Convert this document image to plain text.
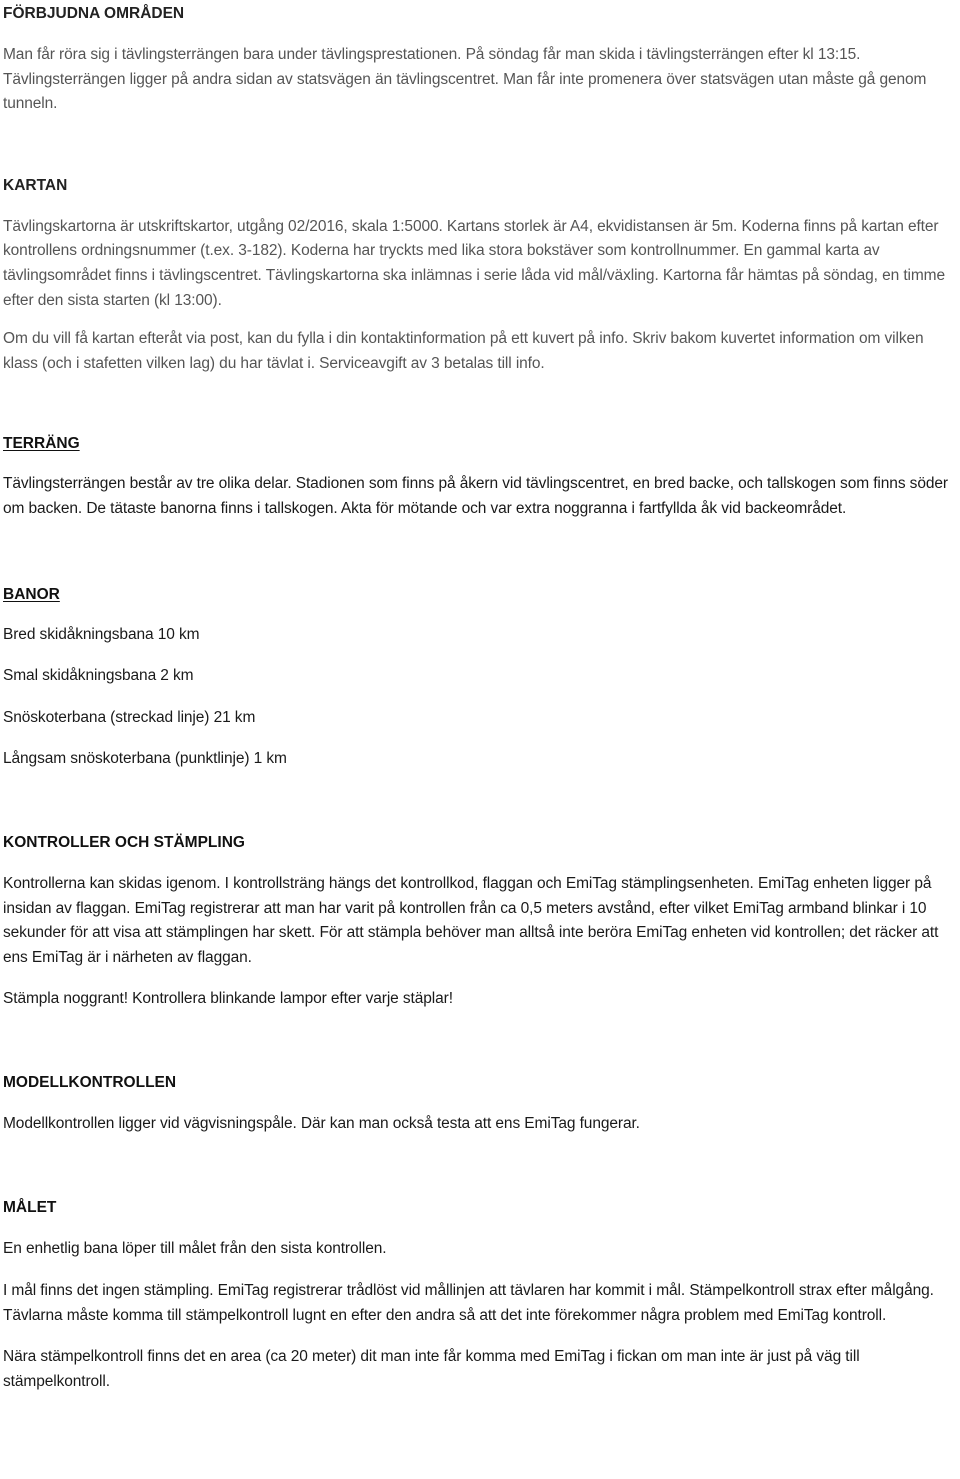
FÖRBJUDNA OMRÅDEN

Man får röra sig i tävlingsterrängen bara under tävlingsprestationen. På söndag får man skida i tävlingsterrängen efter kl 13:15. Tävlingsterrängen ligger på andra sidan av statsvägen än tävlingscentret. Man får inte promenera över statsvägen utan måste gå genom tunneln.

KARTAN

Tävlingskartorna är utskriftskartor, utgång 02/2016, skala 1:5000. Kartans storlek är A4, ekvidistansen är 5m. Koderna finns på kartan efter kontrollens ordningsnummer (t.ex. 3-182). Koderna har tryckts med lika stora bokstäver som kontrollnummer. En gammal karta av tävlingsområdet finns i tävlingscentret. Tävlingskartorna ska inlämnas i serie låda vid mål/växling. Kartorna får hämtas på söndag, en timme efter den sista starten (kl 13:00).

Om du vill få kartan efteråt via post, kan du fylla i din kontaktinformation på ett kuvert på info. Skriv bakom kuvertet information om vilken klass (och i stafetten vilken lag) du har tävlat i. Serviceavgift av 3 betalas till info.

TERRÄNG

Tävlingsterrängen består av tre olika delar. Stadionen som finns på åkern vid tävlingscentret, en bred backe, och tallskogen som finns söder om backen. De tätaste banorna finns i tallskogen. Akta för mötande och var extra noggranna i fartfyllda åk vid backeområdet.

BANOR

Bred skidåkningsbana 10 km

Smal skidåkningsbana 2 km

Snöskoterbana (streckad linje) 21 km

Långsam snöskoterbana (punktlinje) 1 km

KONTROLLER OCH STÄMPLING

Kontrollerna kan skidas igenom. I kontrollsträng hängs det kontrollkod, flaggan och EmiTag stämplingsenheten. EmiTag enheten ligger på insidan av flaggan. EmiTag registrerar att man har varit på kontrollen från ca 0,5 meters avstånd, efter vilket EmiTag armband blinkar i 10 sekunder för att visa att stämplingen har skett. För att stämpla behöver man alltså inte beröra EmiTag enheten vid kontrollen; det räcker att ens EmiTag är i närheten av flaggan.

Stämpla noggrant! Kontrollera blinkande lampor efter varje stäplar!

MODELLKONTROLLEN

Modellkontrollen ligger vid vägvisningspåle. Där kan man också testa att ens EmiTag fungerar.

MÅLET

En enhetlig bana löper till målet från den sista kontrollen.

I mål finns det ingen stämpling. EmiTag registrerar trådlöst vid mållinjen att tävlaren har kommit i mål. Stämpelkontroll strax efter målgång. Tävlarna måste komma till stämpelkontroll lugnt en efter den andra så att det inte förekommer några problem med EmiTag kontroll.

Nära stämpelkontroll finns det en area (ca 20 meter) dit man inte får komma med EmiTag i fickan om man inte är just på väg till stämpelkontroll.
